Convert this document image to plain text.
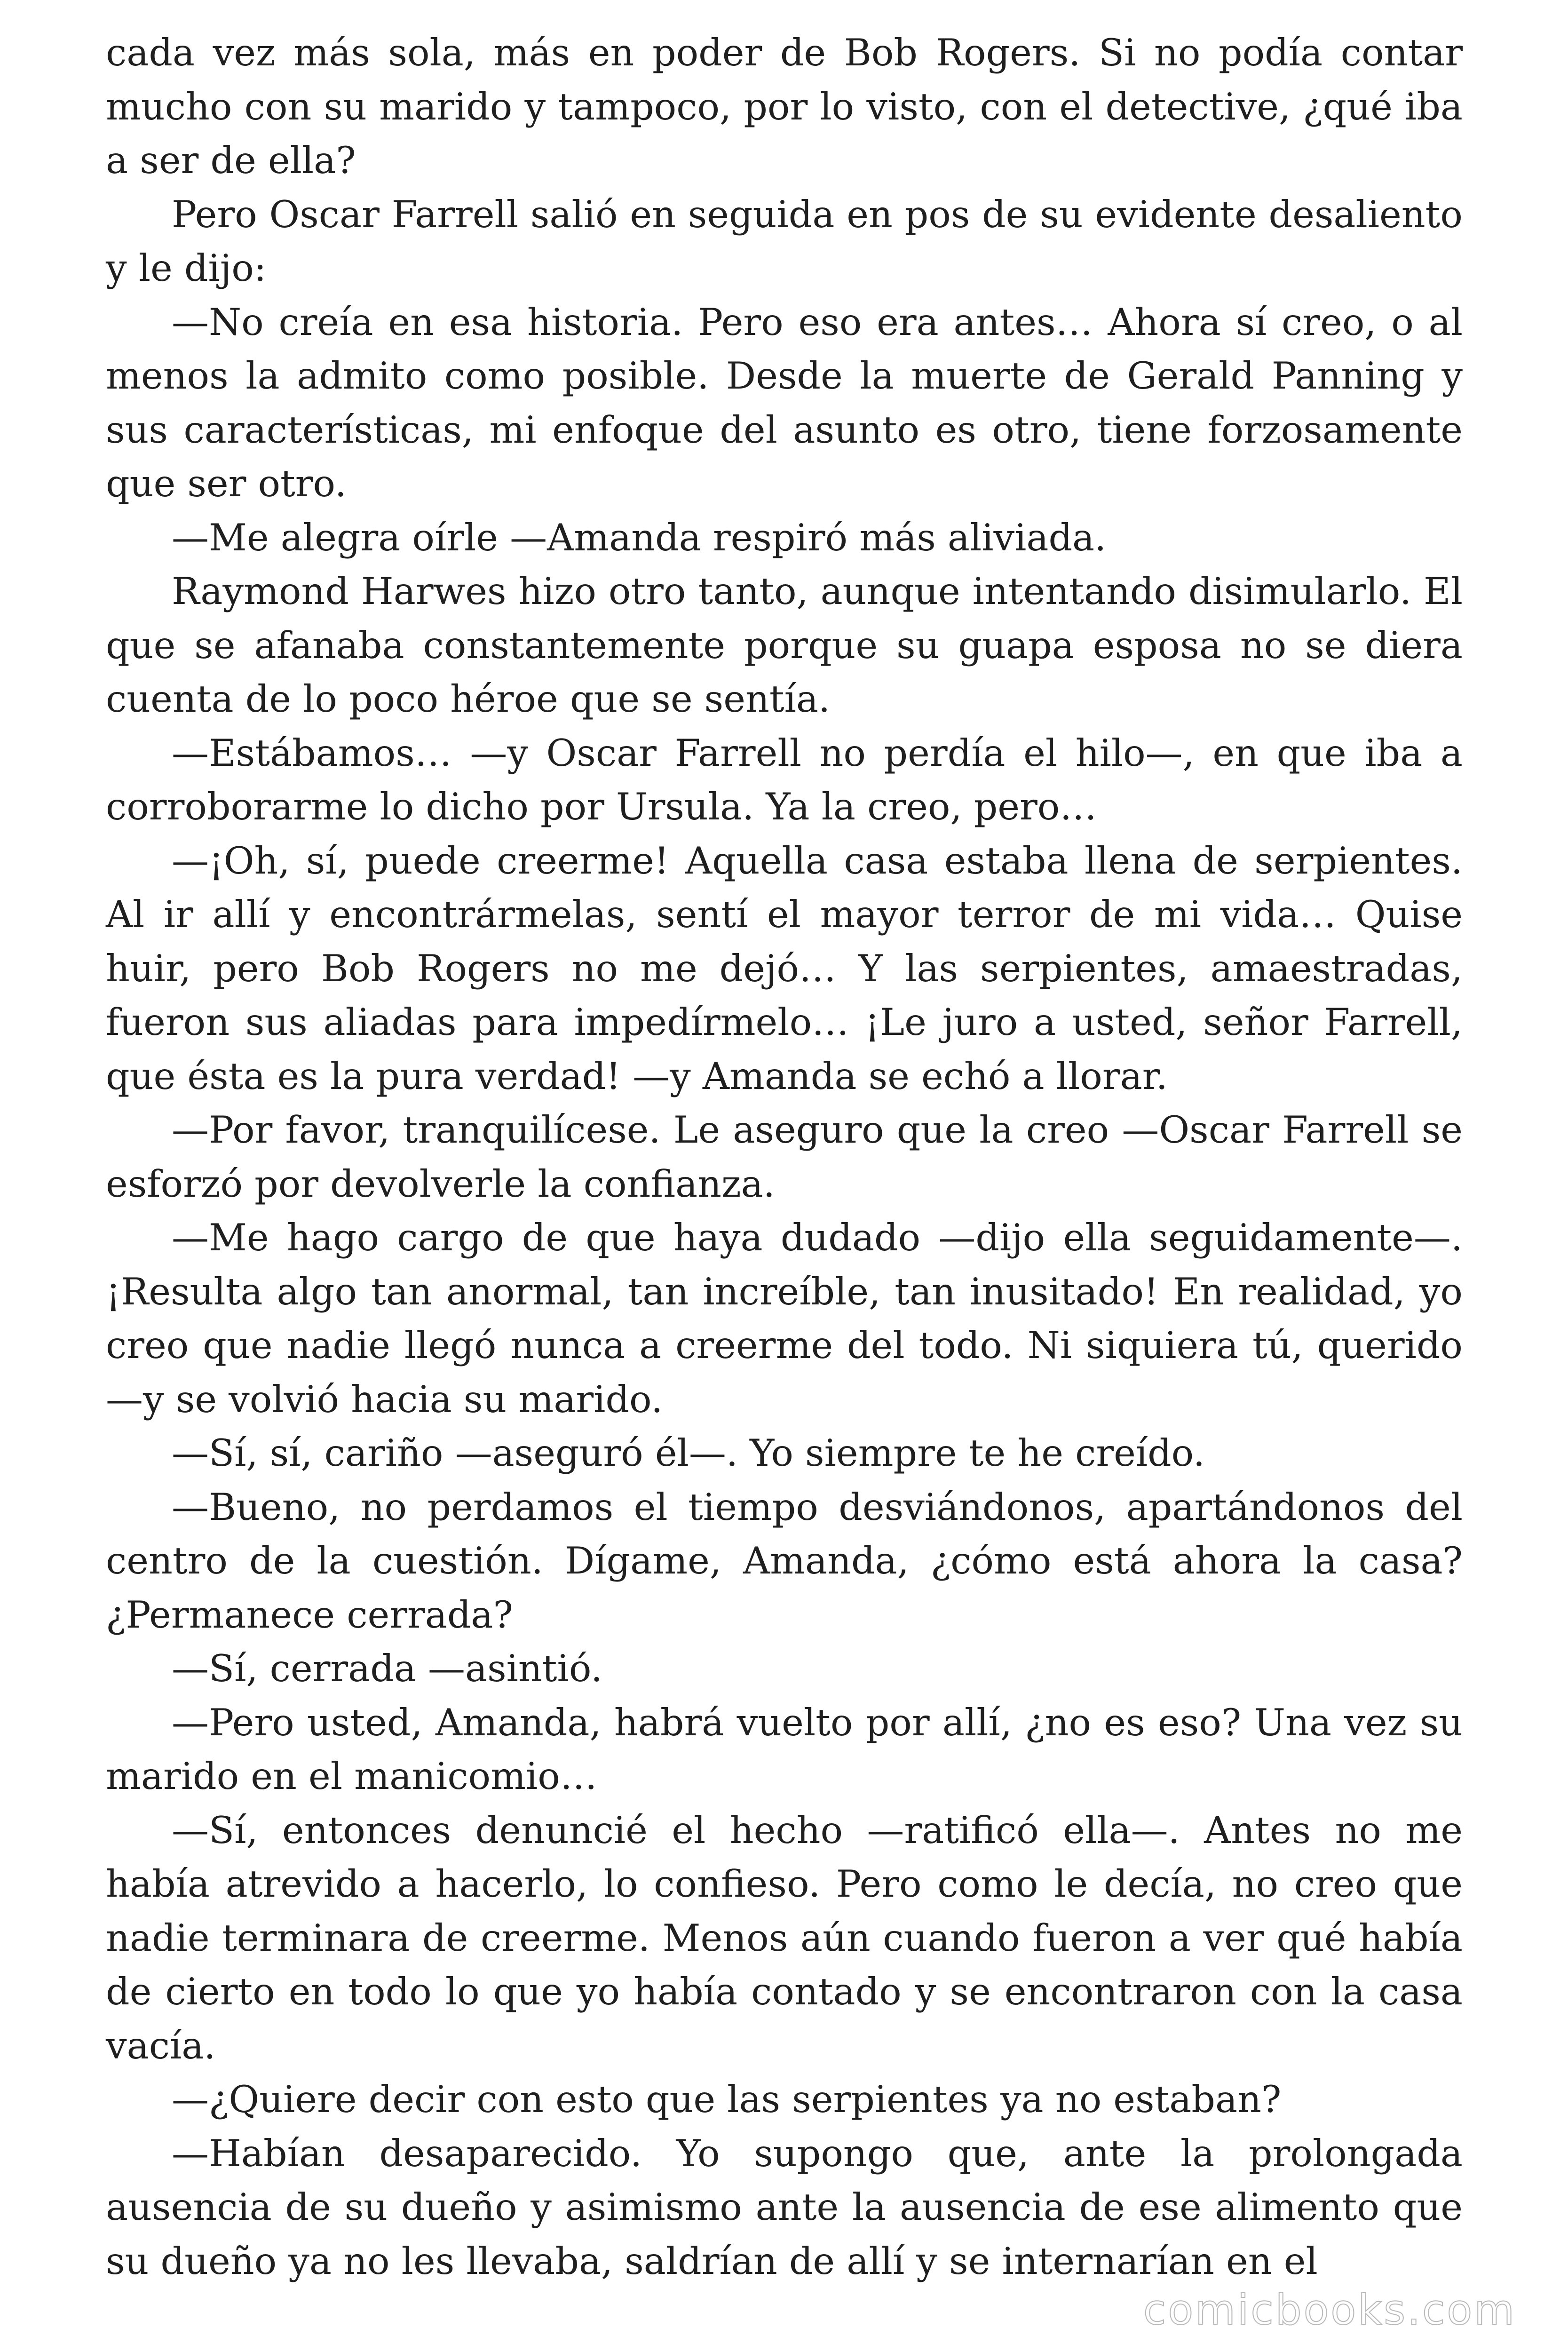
cada vez más sola, más en poder de Bob Rogers. Si no podía contar mucho con su marido y tampoco, por lo visto, con el detective, ¿qué iba a ser de ella?

Pero Oscar Farrell salió en seguida en pos de su evidente desaliento y le dijo:

—No creía en esa historia. Pero eso era antes… Ahora sí creo, o al menos la admito como posible. Desde la muerte de Gerald Panning y sus características, mi enfoque del asunto es otro, tiene forzosamente que ser otro.

—Me alegra oírle —Amanda respiró más aliviada.

Raymond Harwes hizo otro tanto, aunque intentando disimularlo. El que se afanaba constantemente porque su guapa esposa no se diera cuenta de lo poco héroe que se sentía.

—Estábamos… —y Oscar Farrell no perdía el hilo—, en que iba a corroborarme lo dicho por Ursula. Ya la creo, pero…

—¡Oh, sí, puede creerme! Aquella casa estaba llena de serpientes. Al ir allí y encontrármelas, sentí el mayor terror de mi vida… Quise huir, pero Bob Rogers no me dejó… Y las serpientes, amaestradas, fueron sus aliadas para impedírmelo… ¡Le juro a usted, señor Farrell, que ésta es la pura verdad! —y Amanda se echó a llorar.

—Por favor, tranquilícese. Le aseguro que la creo —Oscar Farrell se esforzó por devolverle la confianza.

—Me hago cargo de que haya dudado —dijo ella seguidamente—. ¡Resulta algo tan anormal, tan increíble, tan inusitado! En realidad, yo creo que nadie llegó nunca a creerme del todo. Ni siquiera tú, querido —y se volvió hacia su marido.

—Sí, sí, cariño —aseguró él—. Yo siempre te he creído.

—Bueno, no perdamos el tiempo desviándonos, apartándonos del centro de la cuestión. Dígame, Amanda, ¿cómo está ahora la casa? ¿Permanece cerrada?

—Sí, cerrada —asintió.

—Pero usted, Amanda, habrá vuelto por allí, ¿no es eso? Una vez su marido en el manicomio…

—Sí, entonces denuncié el hecho —ratificó ella—. Antes no me había atrevido a hacerlo, lo confieso. Pero como le decía, no creo que nadie terminara de creerme. Menos aún cuando fueron a ver qué había de cierto en todo lo que yo había contado y se encontraron con la casa vacía.

—¿Quiere decir con esto que las serpientes ya no estaban?

—Habían desaparecido. Yo supongo que, ante la prolongada ausencia de su dueño y asimismo ante la ausencia de ese alimento que su dueño ya no les llevaba, saldrían de allí y se internarían en el

comicbooks.com
